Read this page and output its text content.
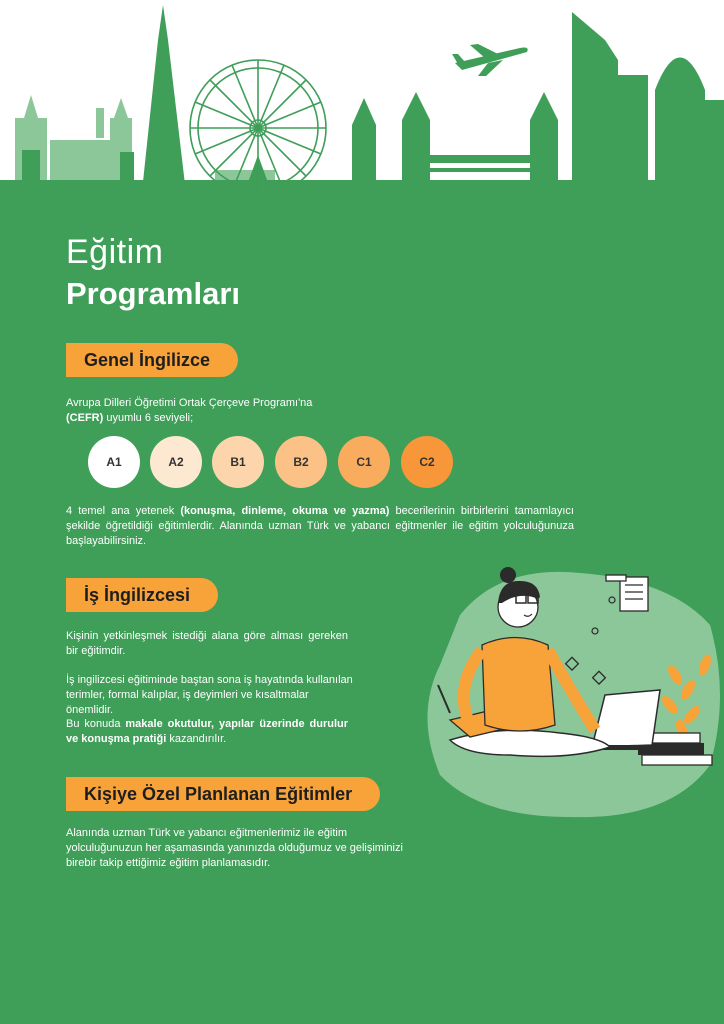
Eğitim
Programları
Genel İngilizce
Avrupa Dilleri Öğretimi Ortak Çerçeve Programı'na
(CEFR) uyumlu 6 seviyeli;
A1	A2	B1	B2	C1	C2
4 temel ana yetenek (konuşma, dinleme, okuma ve yazma) becerilerinin birbirlerini tamamlayıcı şekilde öğretildiği eğitimlerdir. Alanında uzman Türk ve yabancı eğitmenler ile eğitim yolculuğunuza başlayabilirsiniz.
İş İngilizcesi
Kişinin yetkinleşmek istediği alana göre alması gereken bir eğitimdir.
İş ingilizcesi eğitiminde baştan sona iş hayatında kullanılan terimler, formal kalıplar, iş deyimleri ve kısaltmalar önemlidir.
Bu konuda makale okutulur, yapılar üzerinde durulur ve konuşma pratiği kazandırılır.
Kişiye Özel Planlanan Eğitimler
Alanında uzman Türk ve yabancı eğitmenlerimiz ile eğitim yolculuğunuzun her aşamasında yanınızda olduğumuz ve gelişiminizi birebir takip ettiğimiz eğitim planlamasıdır.
